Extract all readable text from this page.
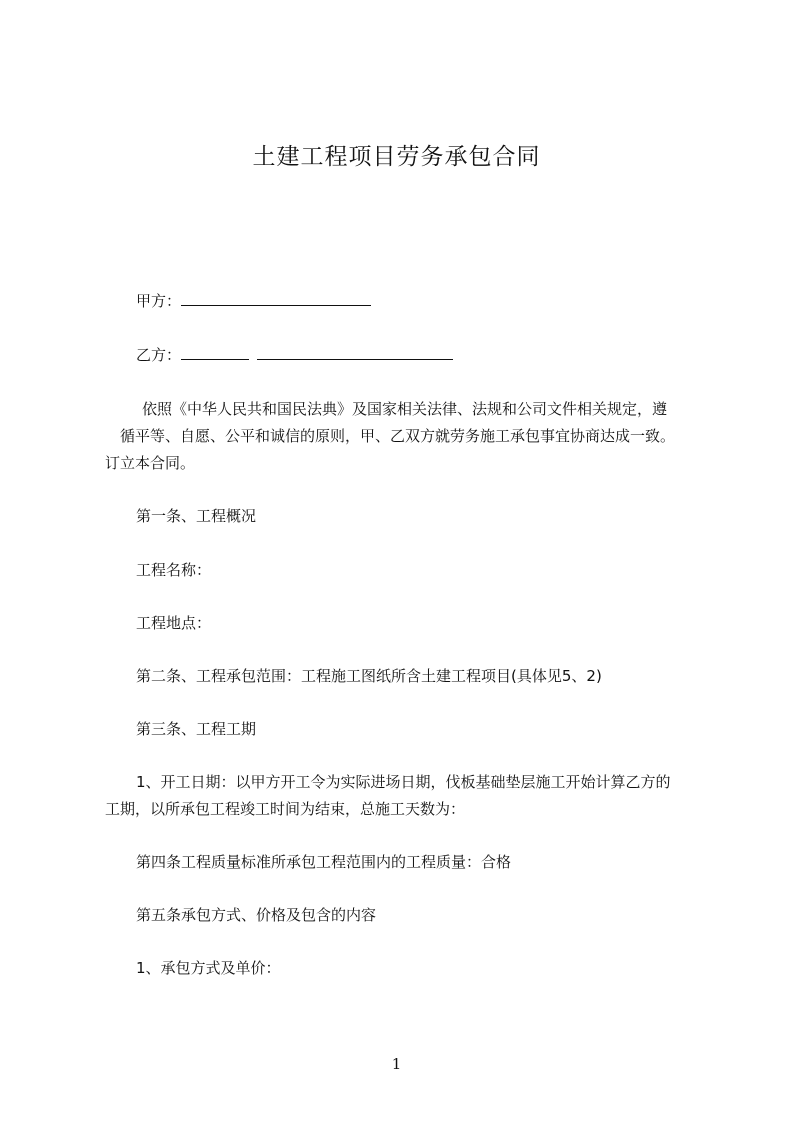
土建工程项目劳务承包合同
甲方：
乙方：
依照《中华人民共和国民法典》及国家相关法律、法规和公司文件相关规定，遵
循平等、自愿、公平和诚信的原则，甲、乙双方就劳务施工承包事宜协商达成一致。
订立本合同。
第一条、工程概况
工程名称：
工程地点：
第二条、工程承包范围：工程施工图纸所含土建工程项目(具体见5、2)
第三条、工程工期
1、开工日期：以甲方开工令为实际进场日期，伐板基础垫层施工开始计算乙方的
工期，以所承包工程竣工时间为结束，总施工天数为：
第四条工程质量标准所承包工程范围内的工程质量：合格
第五条承包方式、价格及包含的内容
1、承包方式及单价：
1
